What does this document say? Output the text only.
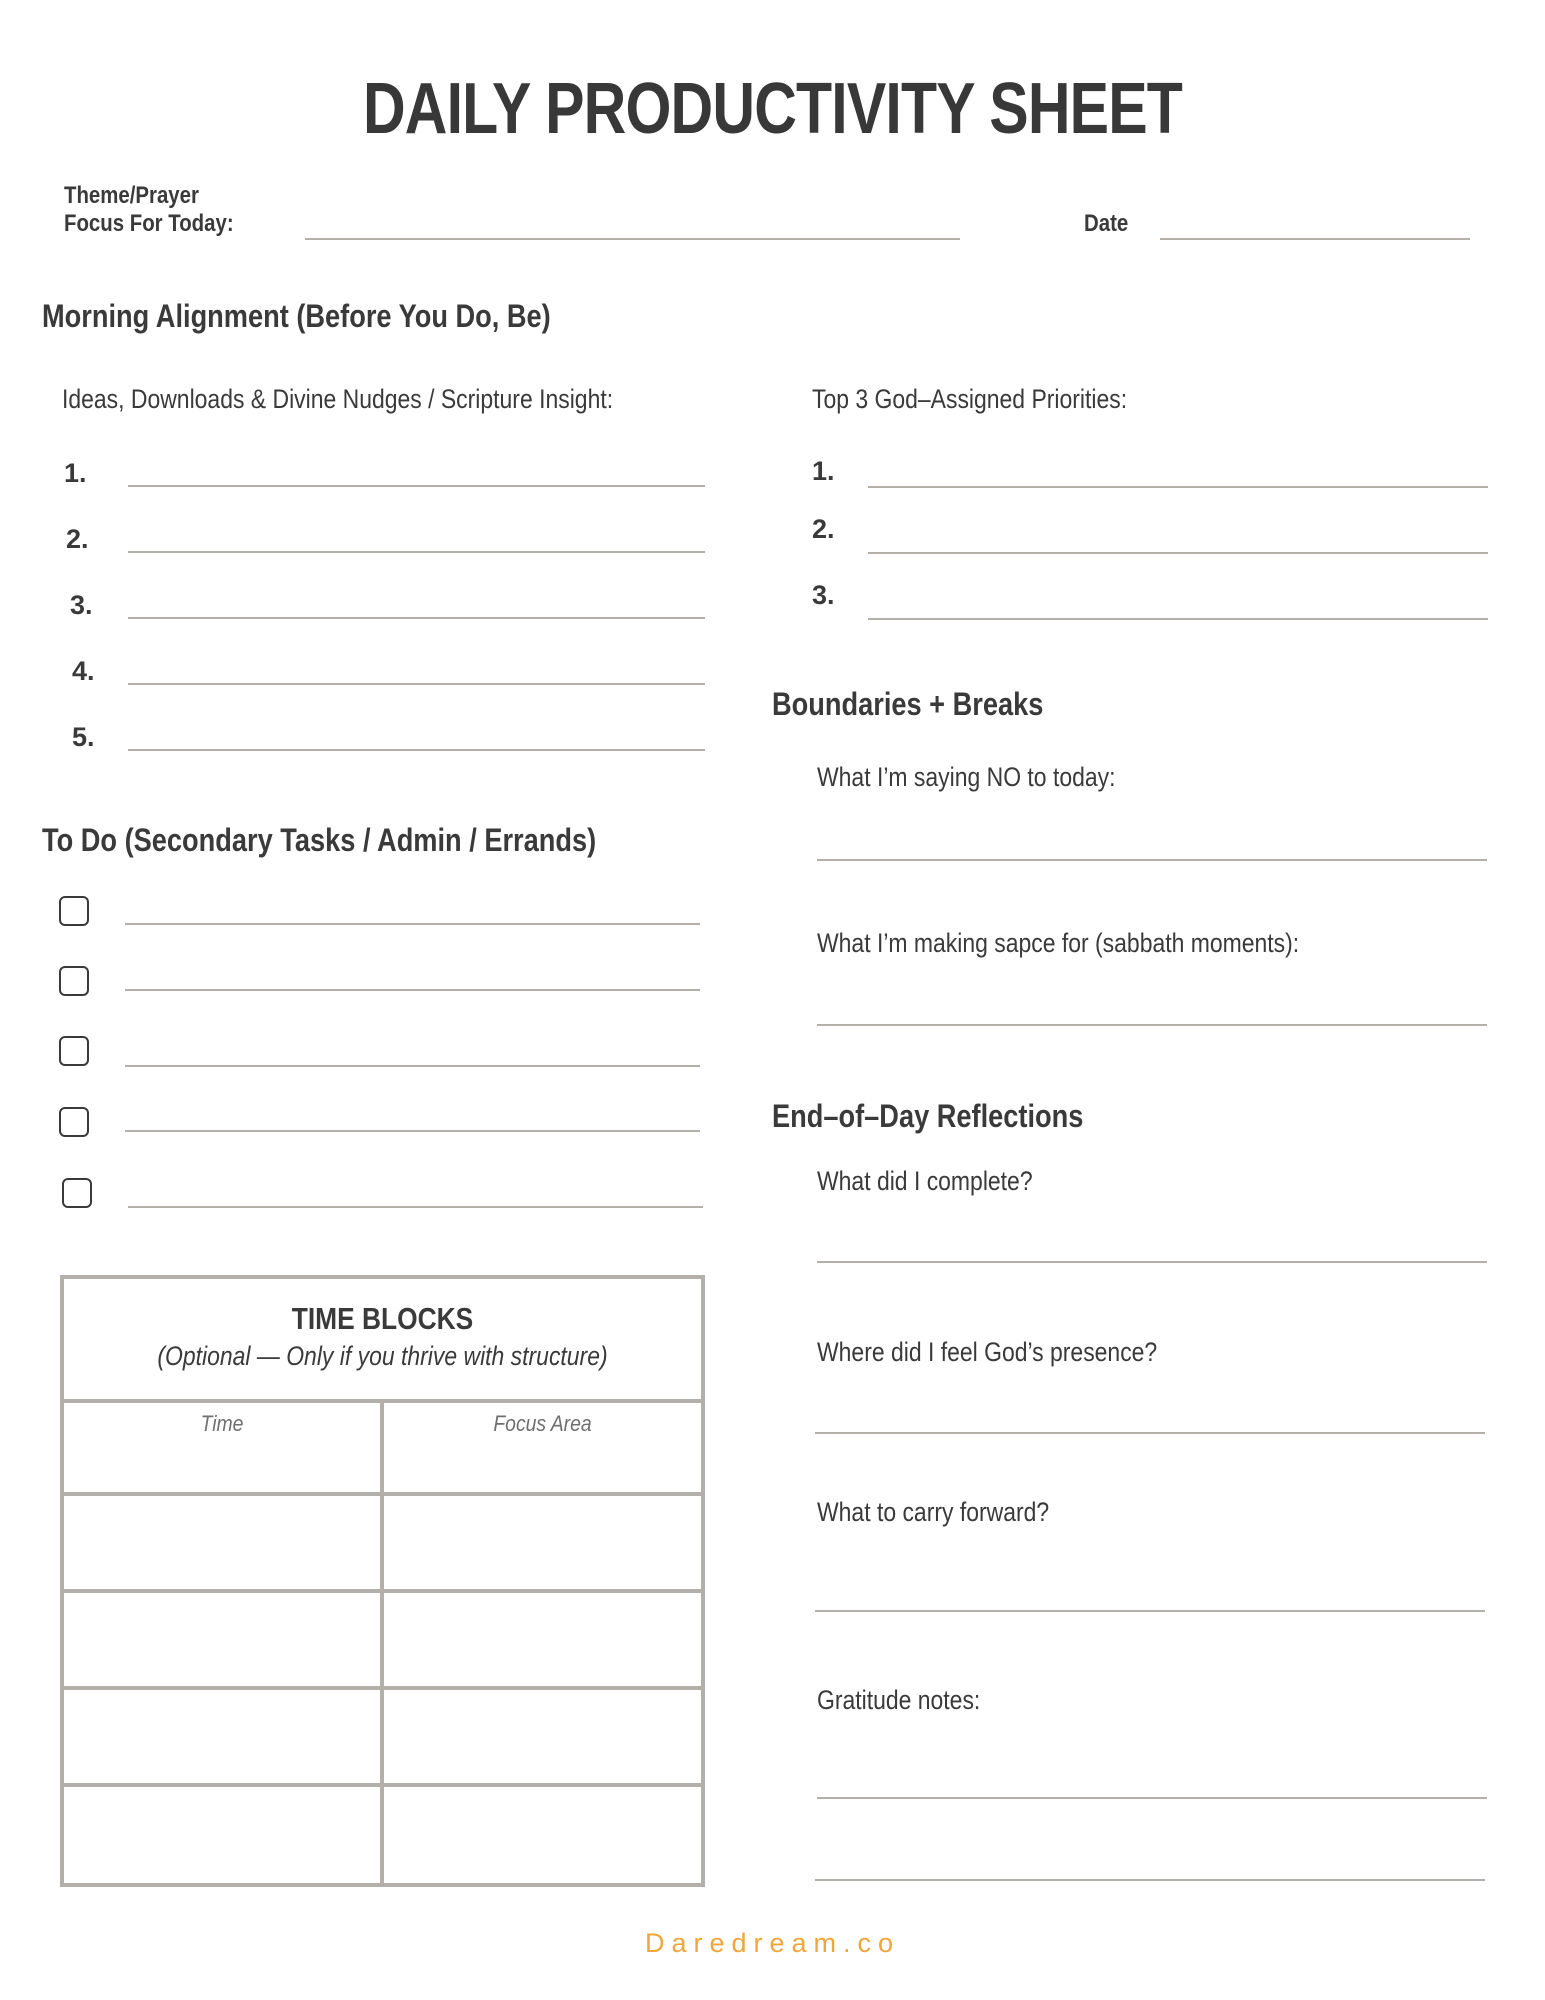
DAILY PRODUCTIVITY SHEET
Theme/Prayer
Focus For Today:	Date
Morning Alignment (Before You Do, Be)
Ideas, Downloads & Divine Nudges / Scripture Insight:
1.
2.
3.
4.
5.
Top 3 God–Assigned Priorities:
1.
2.
3.
To Do (Secondary Tasks / Admin / Errands)
TIME BLOCKS
(Optional — Only if you thrive with structure)
Time	Focus Area
Boundaries + Breaks
What I’m saying NO to today:
What I’m making sapce for (sabbath moments):
End–of–Day Reflections
What did I complete?
Where did I feel God’s presence?
What to carry forward?
Gratitude notes:
Daredream.co
